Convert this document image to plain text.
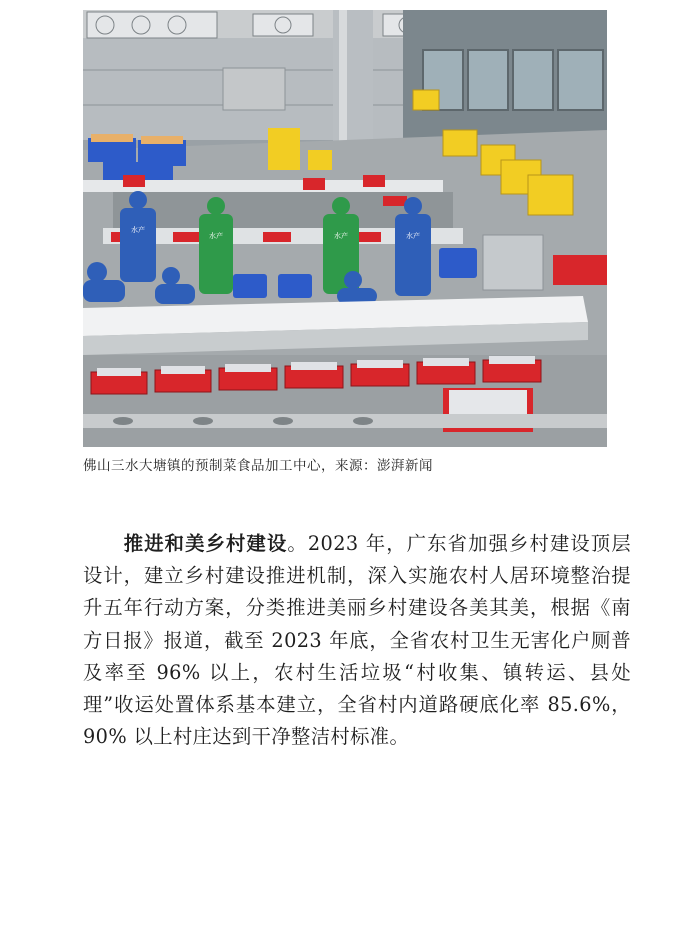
水产
水产	水产	水产
佛山三水大塘镇的预制菜食品加工中心，来源：澎湃新闻
推进和美乡村建设。2023 年，广东省加强乡村建设顶层设计，建立乡村建设推进机制，深入实施农村人居环境整治提升五年行动方案，分类推进美丽乡村建设各美其美，根据《南方日报》报道，截至 2023 年底，全省农村卫生无害化户厕普及率至 96% 以上，农村生活垃圾“村收集、镇转运、县处理”收运处置体系基本建立，全省村内道路硬底化率 85.6%，90% 以上村庄达到干净整洁村标准。
